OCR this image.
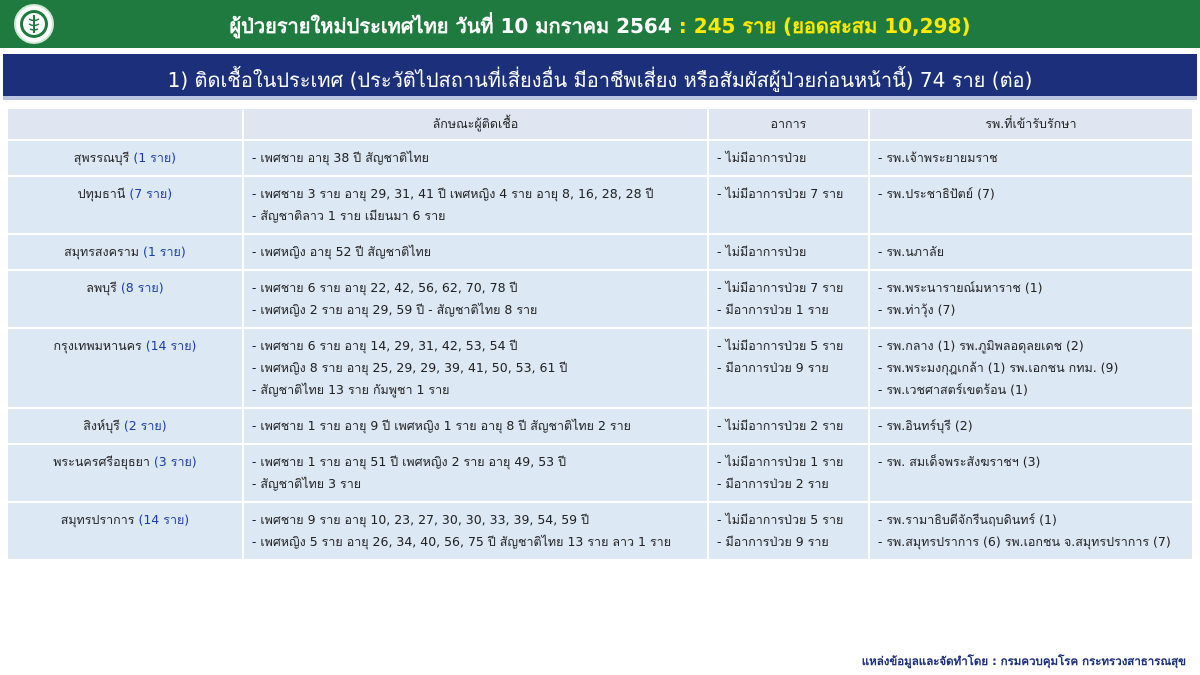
ผู้ป่วยรายใหม่ประเทศไทย วันที่ 10 มกราคม 2564 : 245 ราย (ยอดสะสม 10,298)
1) ติดเชื้อในประเทศ (ประวัติไปสถานที่เสี่ยงอื่น มีอาชีพเสี่ยง หรือสัมผัสผู้ป่วยก่อนหน้านี้) 74 ราย (ต่อ)
	ลักษณะผู้ติดเชื้อ	อาการ	รพ.ที่เข้ารับรักษา
สุพรรณบุรี (1 ราย)	- เพศชาย อายุ 38 ปี สัญชาติไทย	- ไม่มีอาการป่วย	- รพ.เจ้าพระยายมราช

ปทุมธานี (7 ราย)	- เพศชาย 3 ราย อายุ 29, 31, 41 ปี เพศหญิง 4 ราย อายุ 8, 16, 28, 28 ปี
- สัญชาติลาว 1 ราย เมียนมา 6 ราย	- ไม่มีอาการป่วย 7 ราย	- รพ.ประชาธิปัตย์ (7)

สมุทรสงคราม (1 ราย)	- เพศหญิง อายุ 52 ปี สัญชาติไทย	- ไม่มีอาการป่วย	- รพ.นภาลัย

ลพบุรี (8 ราย)	- เพศชาย 6 ราย อายุ 22, 42, 56, 62, 70, 78 ปี
- เพศหญิง 2 ราย อายุ 29, 59 ปี - สัญชาติไทย 8 ราย	- ไม่มีอาการป่วย 7 ราย
- มีอาการป่วย 1 ราย	- รพ.พระนารายณ์มหาราช (1)
- รพ.ท่าวุ้ง (7)

กรุงเทพมหานคร (14 ราย)	- เพศชาย 6 ราย อายุ 14, 29, 31, 42, 53, 54 ปี
- เพศหญิง 8 ราย อายุ 25, 29, 29, 39, 41, 50, 53, 61 ปี
- สัญชาติไทย 13 ราย กัมพูชา 1 ราย	- ไม่มีอาการป่วย 5 ราย
- มีอาการป่วย 9 ราย	- รพ.กลาง (1) รพ.ภูมิพลอดุลยเดช (2)
- รพ.พระมงกุฎเกล้า (1) รพ.เอกชน กทม. (9)
- รพ.เวชศาสตร์เขตร้อน (1)

สิงห์บุรี (2 ราย)	- เพศชาย 1 ราย อายุ 9 ปี เพศหญิง 1 ราย อายุ 8 ปี สัญชาติไทย 2 ราย	- ไม่มีอาการป่วย 2 ราย	- รพ.อินทร์บุรี (2)

พระนครศรีอยุธยา (3 ราย)	- เพศชาย 1 ราย อายุ 51 ปี เพศหญิง 2 ราย อายุ 49, 53 ปี
- สัญชาติไทย 3 ราย	- ไม่มีอาการป่วย 1 ราย
- มีอาการป่วย 2 ราย	- รพ. สมเด็จพระสังฆราชฯ (3)

สมุทรปราการ (14 ราย)	- เพศชาย 9 ราย อายุ 10, 23, 27, 30, 30, 33, 39, 54, 59 ปี
- เพศหญิง 5 ราย อายุ 26, 34, 40, 56, 75 ปี สัญชาติไทย 13 ราย ลาว 1 ราย	- ไม่มีอาการป่วย 5 ราย
- มีอาการป่วย 9 ราย	- รพ.รามาธิบดีจักรีนฤบดินทร์ (1)
- รพ.สมุทรปราการ (6) รพ.เอกชน จ.สมุทรปราการ (7)
แหล่งข้อมูลและจัดทำโดย : กรมควบคุมโรค กระทรวงสาธารณสุข
